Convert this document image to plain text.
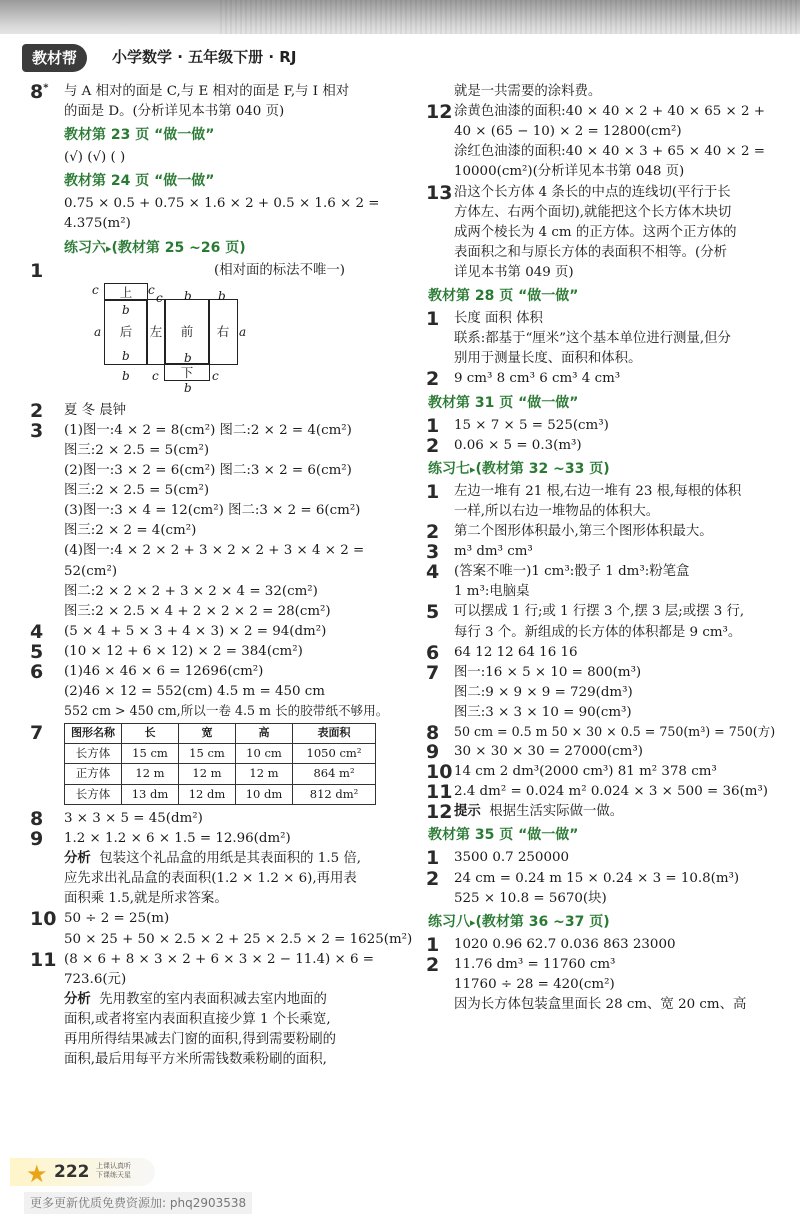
教材帮	小学数学 · 五年级下册 · RJ
8* 与 A 相对的面是 C,与 E 相对的面是 F,与 I 相对
的面是 D。(分析详见本书第 040 页)
教材第 23 页 “做一做”
(√) (√) ( )
教材第 24 页 “做一做”
0.75 × 0.5 + 0.75 × 1.6 × 2 + 0.5 × 1.6 × 2 = 4.375(m²)
练习六▸(教材第 25 ~26 页)
1	(相对面的标法不唯一)
上
后	左	前	右
下
c	c
c
b
b b
a	a
b	b
c	c
b
b
2 夏 冬 晨钟
3 (1)图一:4 × 2 = 8(cm²) 图二:2 × 2 = 4(cm²)
图三:2 × 2.5 = 5(cm²)
(2)图一:3 × 2 = 6(cm²) 图二:3 × 2 = 6(cm²)
图三:2 × 2.5 = 5(cm²)
(3)图一:3 × 4 = 12(cm²) 图二:3 × 2 = 6(cm²)
图三:2 × 2 = 4(cm²)
(4)图一:4 × 2 × 2 + 3 × 2 × 2 + 3 × 4 × 2 = 52(cm²)
图二:2 × 2 × 2 + 3 × 2 × 4 = 32(cm²)
图三:2 × 2.5 × 4 + 2 × 2 × 2 = 28(cm²)
4 (5 × 4 + 5 × 3 + 4 × 3) × 2 = 94(dm²)
5 (10 × 12 + 6 × 12) × 2 = 384(cm²)
6 (1)46 × 46 × 6 = 12696(cm²)
(2)46 × 12 = 552(cm) 4.5 m = 450 cm
552 cm > 450 cm,所以一卷 4.5 m 长的胶带纸不够用。
7	图形名称	长	宽	高	表面积
长方体	15 cm	15 cm	10 cm	1050 cm²
正方体	12 m	12 m	12 m	864 m²
长方体	13 dm	12 dm	10 dm	812 dm²
8 3 × 3 × 5 = 45(dm²)
9 1.2 × 1.2 × 6 × 1.5 = 12.96(dm²)
分析 包装这个礼品盒的用纸是其表面积的 1.5 倍,
应先求出礼品盒的表面积(1.2 × 1.2 × 6),再用表
面积乘 1.5,就是所求答案。
10 50 ÷ 2 = 25(m)
50 × 25 + 50 × 2.5 × 2 + 25 × 2.5 × 2 = 1625(m²)
11 (8 × 6 + 8 × 3 × 2 + 6 × 3 × 2 − 11.4) × 6 =
723.6(元)
分析 先用教室的室内表面积减去室内地面的
面积,或者将室内表面积直接少算 1 个长乘宽,
再用所得结果减去门窗的面积,得到需要粉刷的
面积,最后用每平方米所需钱数乘粉刷的面积,
就是一共需要的涂料费。
12 涂黄色油漆的面积:40 × 40 × 2 + 40 × 65 × 2 +
40 × (65 − 10) × 2 = 12800(cm²)
涂红色油漆的面积:40 × 40 × 3 + 65 × 40 × 2 =
10000(cm²)(分析详见本书第 048 页)
13 沿这个长方体 4 条长的中点的连线切(平行于长
方体左、右两个面切),就能把这个长方体木块切
成两个棱长为 4 cm 的正方体。这两个正方体的
表面积之和与原长方体的表面积不相等。(分析
详见本书第 049 页)
教材第 28 页 “做一做”
1 长度 面积 体积
联系:都基于“厘米”这个基本单位进行测量,但分
别用于测量长度、面积和体积。
2 9 cm³ 8 cm³ 6 cm³ 4 cm³
教材第 31 页 “做一做”
1 15 × 7 × 5 = 525(cm³)
2 0.06 × 5 = 0.3(m³)
练习七▸(教材第 32 ~33 页)
1 左边一堆有 21 根,右边一堆有 23 根,每根的体积
一样,所以右边一堆物品的体积大。
2 第二个图形体积最小,第三个图形体积最大。
3 m³ dm³ cm³
4 (答案不唯一)1 cm³:骰子 1 dm³:粉笔盒
1 m³:电脑桌
5 可以摆成 1 行;或 1 行摆 3 个,摆 3 层;或摆 3 行,
每行 3 个。新组成的长方体的体积都是 9 cm³。
6 64 12 12 64 16 16
7 图一:16 × 5 × 10 = 800(m³)
图二:9 × 9 × 9 = 729(dm³)
图三:3 × 3 × 10 = 90(cm³)
8 50 cm = 0.5 m 50 × 30 × 0.5 = 750(m³) = 750(方)
9 30 × 30 × 30 = 27000(cm³)
10 14 cm 2 dm³(2000 cm³) 81 m² 378 cm³
11 2.4 dm² = 0.024 m² 0.024 × 3 × 500 = 36(m³)
12 提示 根据生活实际做一做。
教材第 35 页 “做一做”
1 3500 0.7 250000
2 24 cm = 0.24 m 15 × 0.24 × 3 = 10.8(m³)
525 × 10.8 = 5670(块)
练习八▸(教材第 36 ~37 页)
1 1020 0.96 62.7 0.036 863 23000
2 11.76 dm³ = 11760 cm³
11760 ÷ 28 = 420(cm²)
因为长方体包装盒里面长 28 cm、宽 20 cm、高
★ 222 上课认真听 下课练天星
更多更新优质免费资源加: phq2903538
